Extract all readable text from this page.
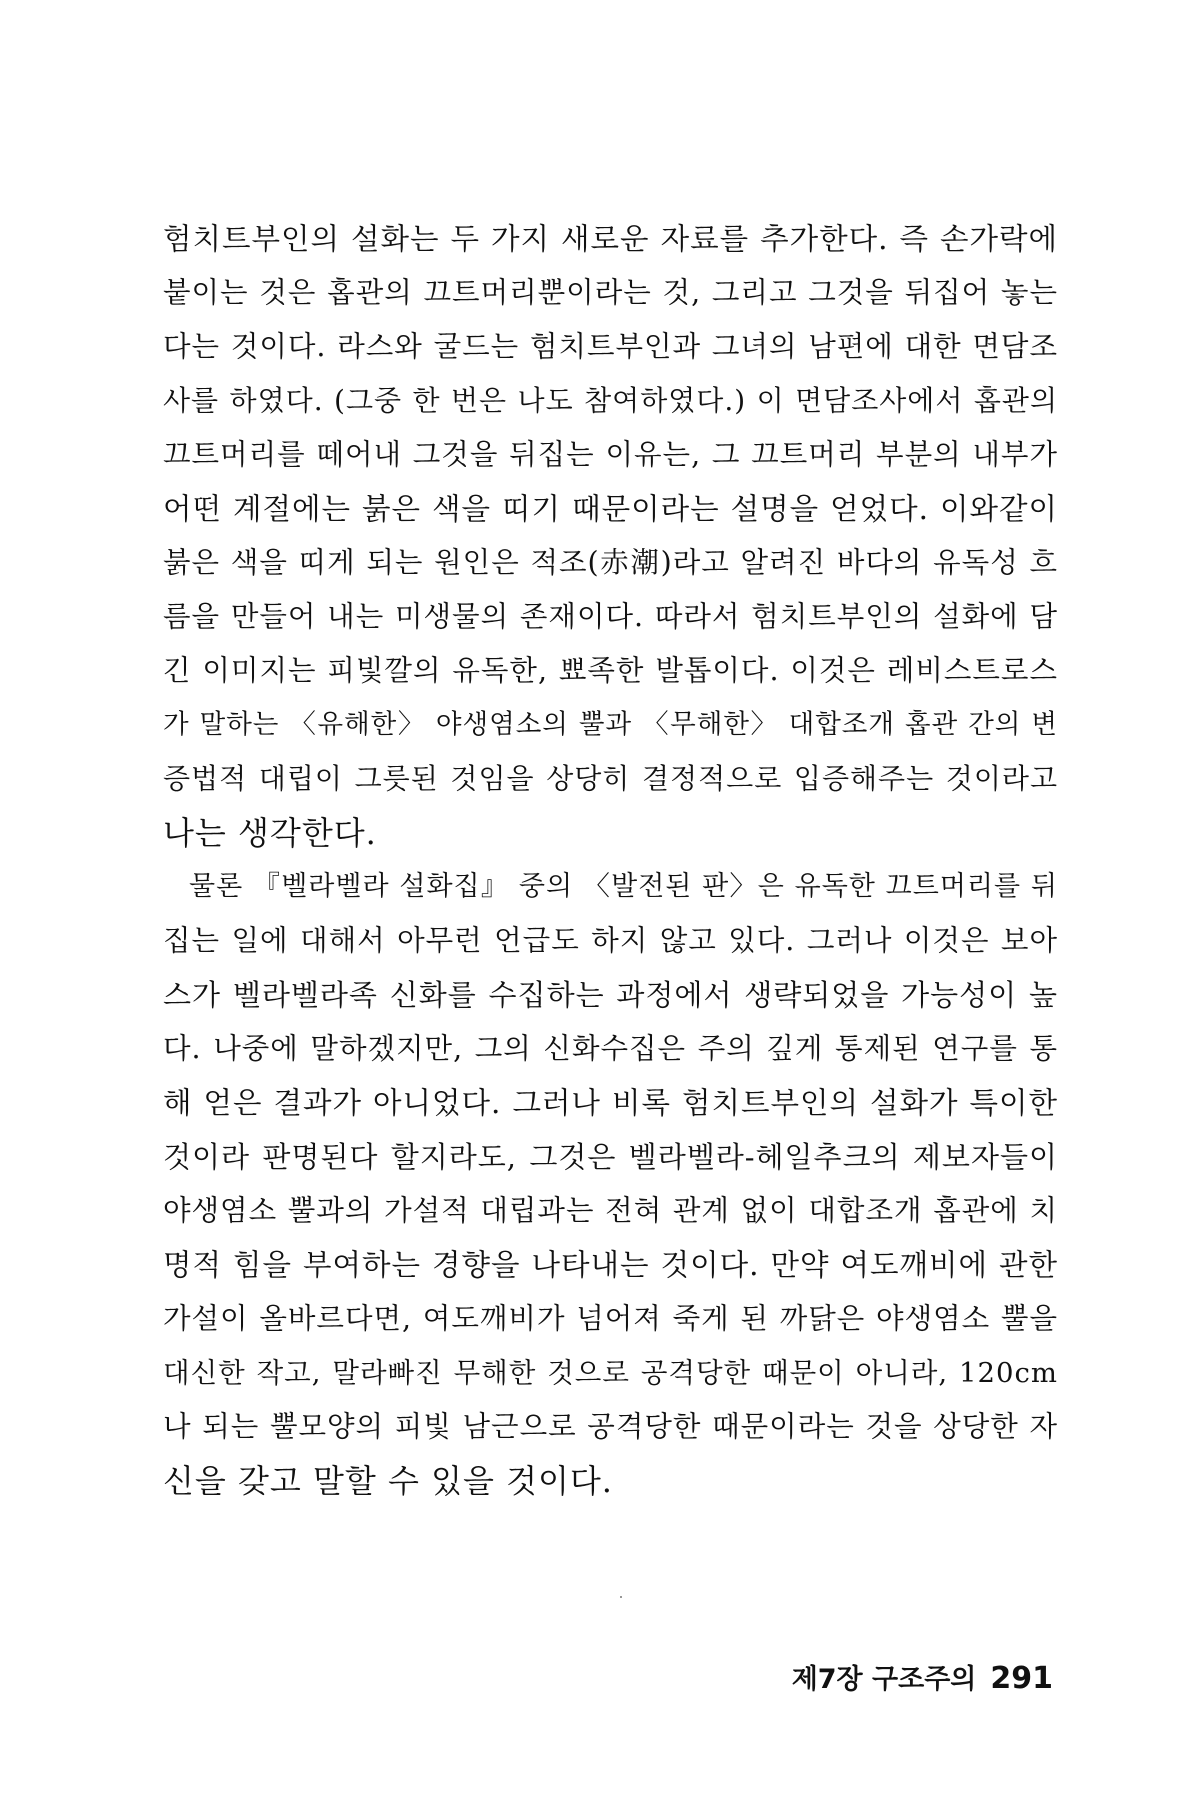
험치트부인의 설화는 두 가지 새로운 자료를 추가한다. 즉 손가락에
붙이는 것은 홉관의 끄트머리뿐이라는 것, 그리고 그것을 뒤집어 놓는
다는 것이다. 라스와 굴드는 험치트부인과 그녀의 남편에 대한 면담조
사를 하였다. (그중 한 번은 나도 참여하였다.) 이 면담조사에서 홉관의
끄트머리를 떼어내 그것을 뒤집는 이유는, 그 끄트머리 부분의 내부가
어떤 계절에는 붉은 색을 띠기 때문이라는 설명을 얻었다. 이와같이
붉은 색을 띠게 되는 원인은 적조(赤潮)라고 알려진 바다의 유독성 흐
름을 만들어 내는 미생물의 존재이다. 따라서 험치트부인의 설화에 담
긴 이미지는 피빛깔의 유독한, 뾰족한 발톱이다. 이것은 레비스트로스
가 말하는 〈유해한〉 야생염소의 뿔과 〈무해한〉 대합조개 홉관 간의 변
증법적 대립이 그릇된 것임을 상당히 결정적으로 입증해주는 것이라고
나는 생각한다.
물론 『벨라벨라 설화집』 중의 〈발전된 판〉은 유독한 끄트머리를 뒤
집는 일에 대해서 아무런 언급도 하지 않고 있다. 그러나 이것은 보아
스가 벨라벨라족 신화를 수집하는 과정에서 생략되었을 가능성이 높
다. 나중에 말하겠지만, 그의 신화수집은 주의 깊게 통제된 연구를 통
해 얻은 결과가 아니었다. 그러나 비록 험치트부인의 설화가 특이한
것이라 판명된다 할지라도, 그것은 벨라벨라-헤일추크의 제보자들이
야생염소 뿔과의 가설적 대립과는 전혀 관계 없이 대합조개 홉관에 치
명적 힘을 부여하는 경향을 나타내는 것이다. 만약 여도깨비에 관한
가설이 올바르다면, 여도깨비가 넘어져 죽게 된 까닭은 야생염소 뿔을
대신한 작고, 말라빠진 무해한 것으로 공격당한 때문이 아니라, 120cm
나 되는 뿔모양의 피빛 남근으로 공격당한 때문이라는 것을 상당한 자
신을 갖고 말할 수 있을 것이다.
제7장 구조주의 291
